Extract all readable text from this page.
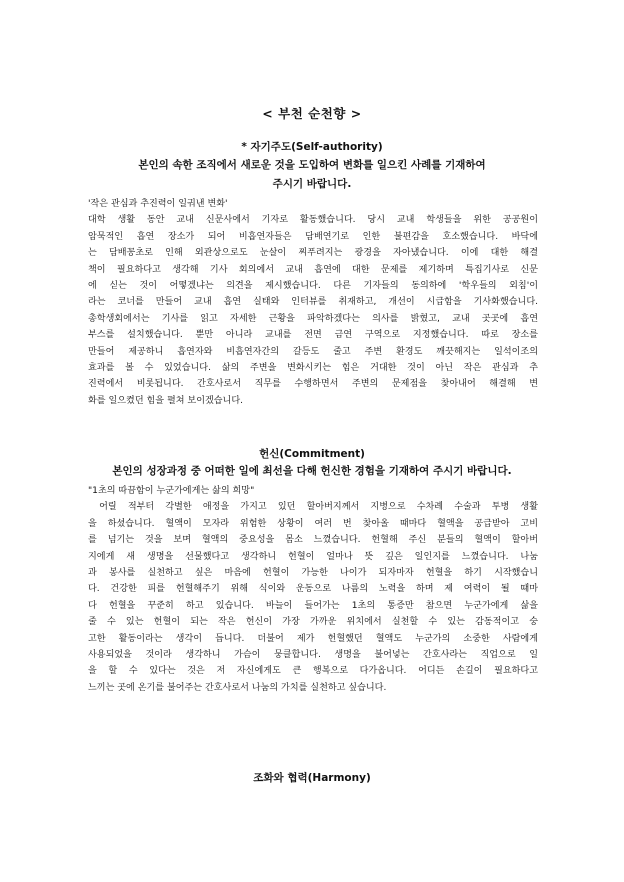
< 부천 순천향 >
* 자기주도(Self-authority)
본인의 속한 조직에서 새로운 것을 도입하여 변화를 일으킨 사례를 기재하여
주시기 바랍니다.
'작은 관심과 추진력이 일궈낸 변화'
대학 생활 동안 교내 신문사에서 기자로 활동했습니다. 당시 교내 학생들을 위한 공공원이
암묵적인 흡연 장소가 되어 비흡연자들은 담배연기로 인한 불편감을 호소했습니다. 바닥에
는 담배꽁초로 인해 외관상으로도 눈살이 찌푸려지는 광경을 자아냈습니다. 이에 대한 해결
책이 필요하다고 생각해 기사 회의에서 교내 흡연에 대한 문제를 제기하며 특집기사로 신문
에 싣는 것이 어떻겠냐는 의견을 제시했습니다. 다른 기자들의 동의하에 '학우들의 외침'이
라는 코너를 만들어 교내 흡연 실태와 인터뷰를 취재하고, 개선이 시급함을 기사화했습니다.
총학생회에서는 기사를 읽고 자세한 근황을 파악하겠다는 의사를 밝혔고, 교내 곳곳에 흡연
부스를 설치했습니다. 뿐만 아니라 교내를 전면 금연 구역으로 지정했습니다. 따로 장소를
만들어 제공하니 흡연자와 비흡연자간의 갈등도 줄고 주변 환경도 깨끗해지는 일석이조의
효과를 볼 수 있었습니다. 삶의 주변을 변화시키는 힘은 거대한 것이 아닌 작은 관심과 추
진력에서 비롯됩니다. 간호사로서 직무를 수행하면서 주변의 문제점을 찾아내어 해결해 변
화를 일으켰던 힘을 펼쳐 보이겠습니다.
헌신(Commitment)
본인의 성장과정 중 어떠한 일에 최선을 다해 헌신한 경험을 기재하여 주시기 바랍니다.
"1초의 따끔함이 누군가에게는 삶의 희망"
어릴 적부터 각별한 애정을 가지고 있던 할아버지께서 지병으로 수차례 수술과 투병 생활
을 하셨습니다. 혈액이 모자라 위험한 상황이 여러 번 찾아올 때마다 혈액을 공급받아 고비
를 넘기는 것을 보며 혈액의 중요성을 몸소 느꼈습니다. 헌혈해 주신 분들의 혈액이 할아버
지에게 새 생명을 선물했다고 생각하니 헌혈이 얼마나 뜻 깊은 일인지를 느꼈습니다. 나눔
과 봉사를 실천하고 싶은 마음에 헌혈이 가능한 나이가 되자마자 헌혈을 하기 시작했습니
다. 건강한 피를 헌혈해주기 위해 식이와 운동으로 나름의 노력을 하며 제 여력이 될 때마
다 헌혈을 꾸준히 하고 있습니다. 바늘이 들어가는 1초의 통증만 참으면 누군가에게 삶을
줄 수 있는 헌혈이 되는 작은 헌신이 가장 가까운 위치에서 실천할 수 있는 감동적이고 숭
고한 활동이라는 생각이 듭니다. 더불어 제가 헌혈했던 혈액도 누군가의 소중한 사람에게
사용되었을 것이라 생각하니 가슴이 뭉클합니다. 생명을 불어넣는 간호사라는 직업으로 일
을 할 수 있다는 것은 저 자신에게도 큰 행복으로 다가옵니다. 어디든 손길이 필요하다고
느끼는 곳에 온기를 불어주는 간호사로서 나눔의 가치를 실천하고 싶습니다.
조화와 협력(Harmony)
